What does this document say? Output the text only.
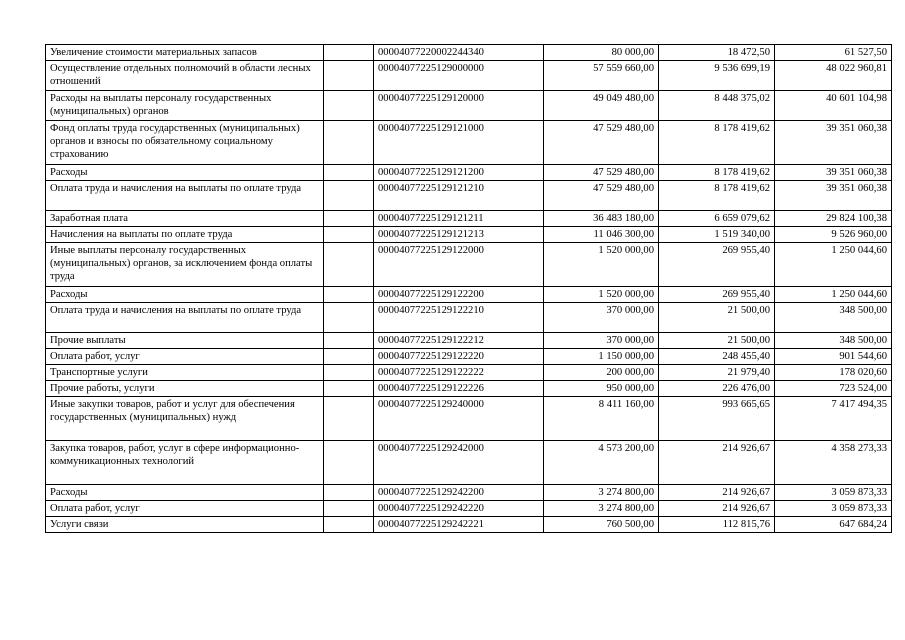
Увеличение стоимости материальных запасов		00004077220002244340	80 000,00	18 472,50	61 527,50
Осуществление отдельных полномочий в области лесных отношений		00004077225129000000	57 559 660,00	9 536 699,19	48 022 960,81
Расходы на выплаты персоналу государственных (муниципальных) органов		00004077225129120000	49 049 480,00	8 448 375,02	40 601 104,98
Фонд оплаты труда государственных (муниципальных) органов и взносы по обязательному социальному страхованию		00004077225129121000	47 529 480,00	8 178 419,62	39 351 060,38
Расходы		00004077225129121200	47 529 480,00	8 178 419,62	39 351 060,38
Оплата труда и начисления на выплаты по оплате труда		00004077225129121210	47 529 480,00	8 178 419,62	39 351 060,38
Заработная плата		00004077225129121211	36 483 180,00	6 659 079,62	29 824 100,38
Начисления на выплаты по оплате труда		00004077225129121213	11 046 300,00	1 519 340,00	9 526 960,00
Иные выплаты персоналу государственных (муниципальных) органов, за исключением фонда оплаты труда		00004077225129122000	1 520 000,00	269 955,40	1 250 044,60
Расходы		00004077225129122200	1 520 000,00	269 955,40	1 250 044,60
Оплата труда и начисления на выплаты по оплате труда		00004077225129122210	370 000,00	21 500,00	348 500,00
Прочие выплаты		00004077225129122212	370 000,00	21 500,00	348 500,00
Оплата работ, услуг		00004077225129122220	1 150 000,00	248 455,40	901 544,60
Транспортные услуги		00004077225129122222	200 000,00	21 979,40	178 020,60
Прочие работы, услуги		00004077225129122226	950 000,00	226 476,00	723 524,00
Иные закупки товаров, работ и услуг для обеспечения государственных (муниципальных) нужд		00004077225129240000	8 411 160,00	993 665,65	7 417 494,35
Закупка товаров, работ, услуг в сфере информационно-коммуникационных технологий		00004077225129242000	4 573 200,00	214 926,67	4 358 273,33
Расходы		00004077225129242200	3 274 800,00	214 926,67	3 059 873,33
Оплата работ, услуг		00004077225129242220	3 274 800,00	214 926,67	3 059 873,33
Услуги связи		00004077225129242221	760 500,00	112 815,76	647 684,24
